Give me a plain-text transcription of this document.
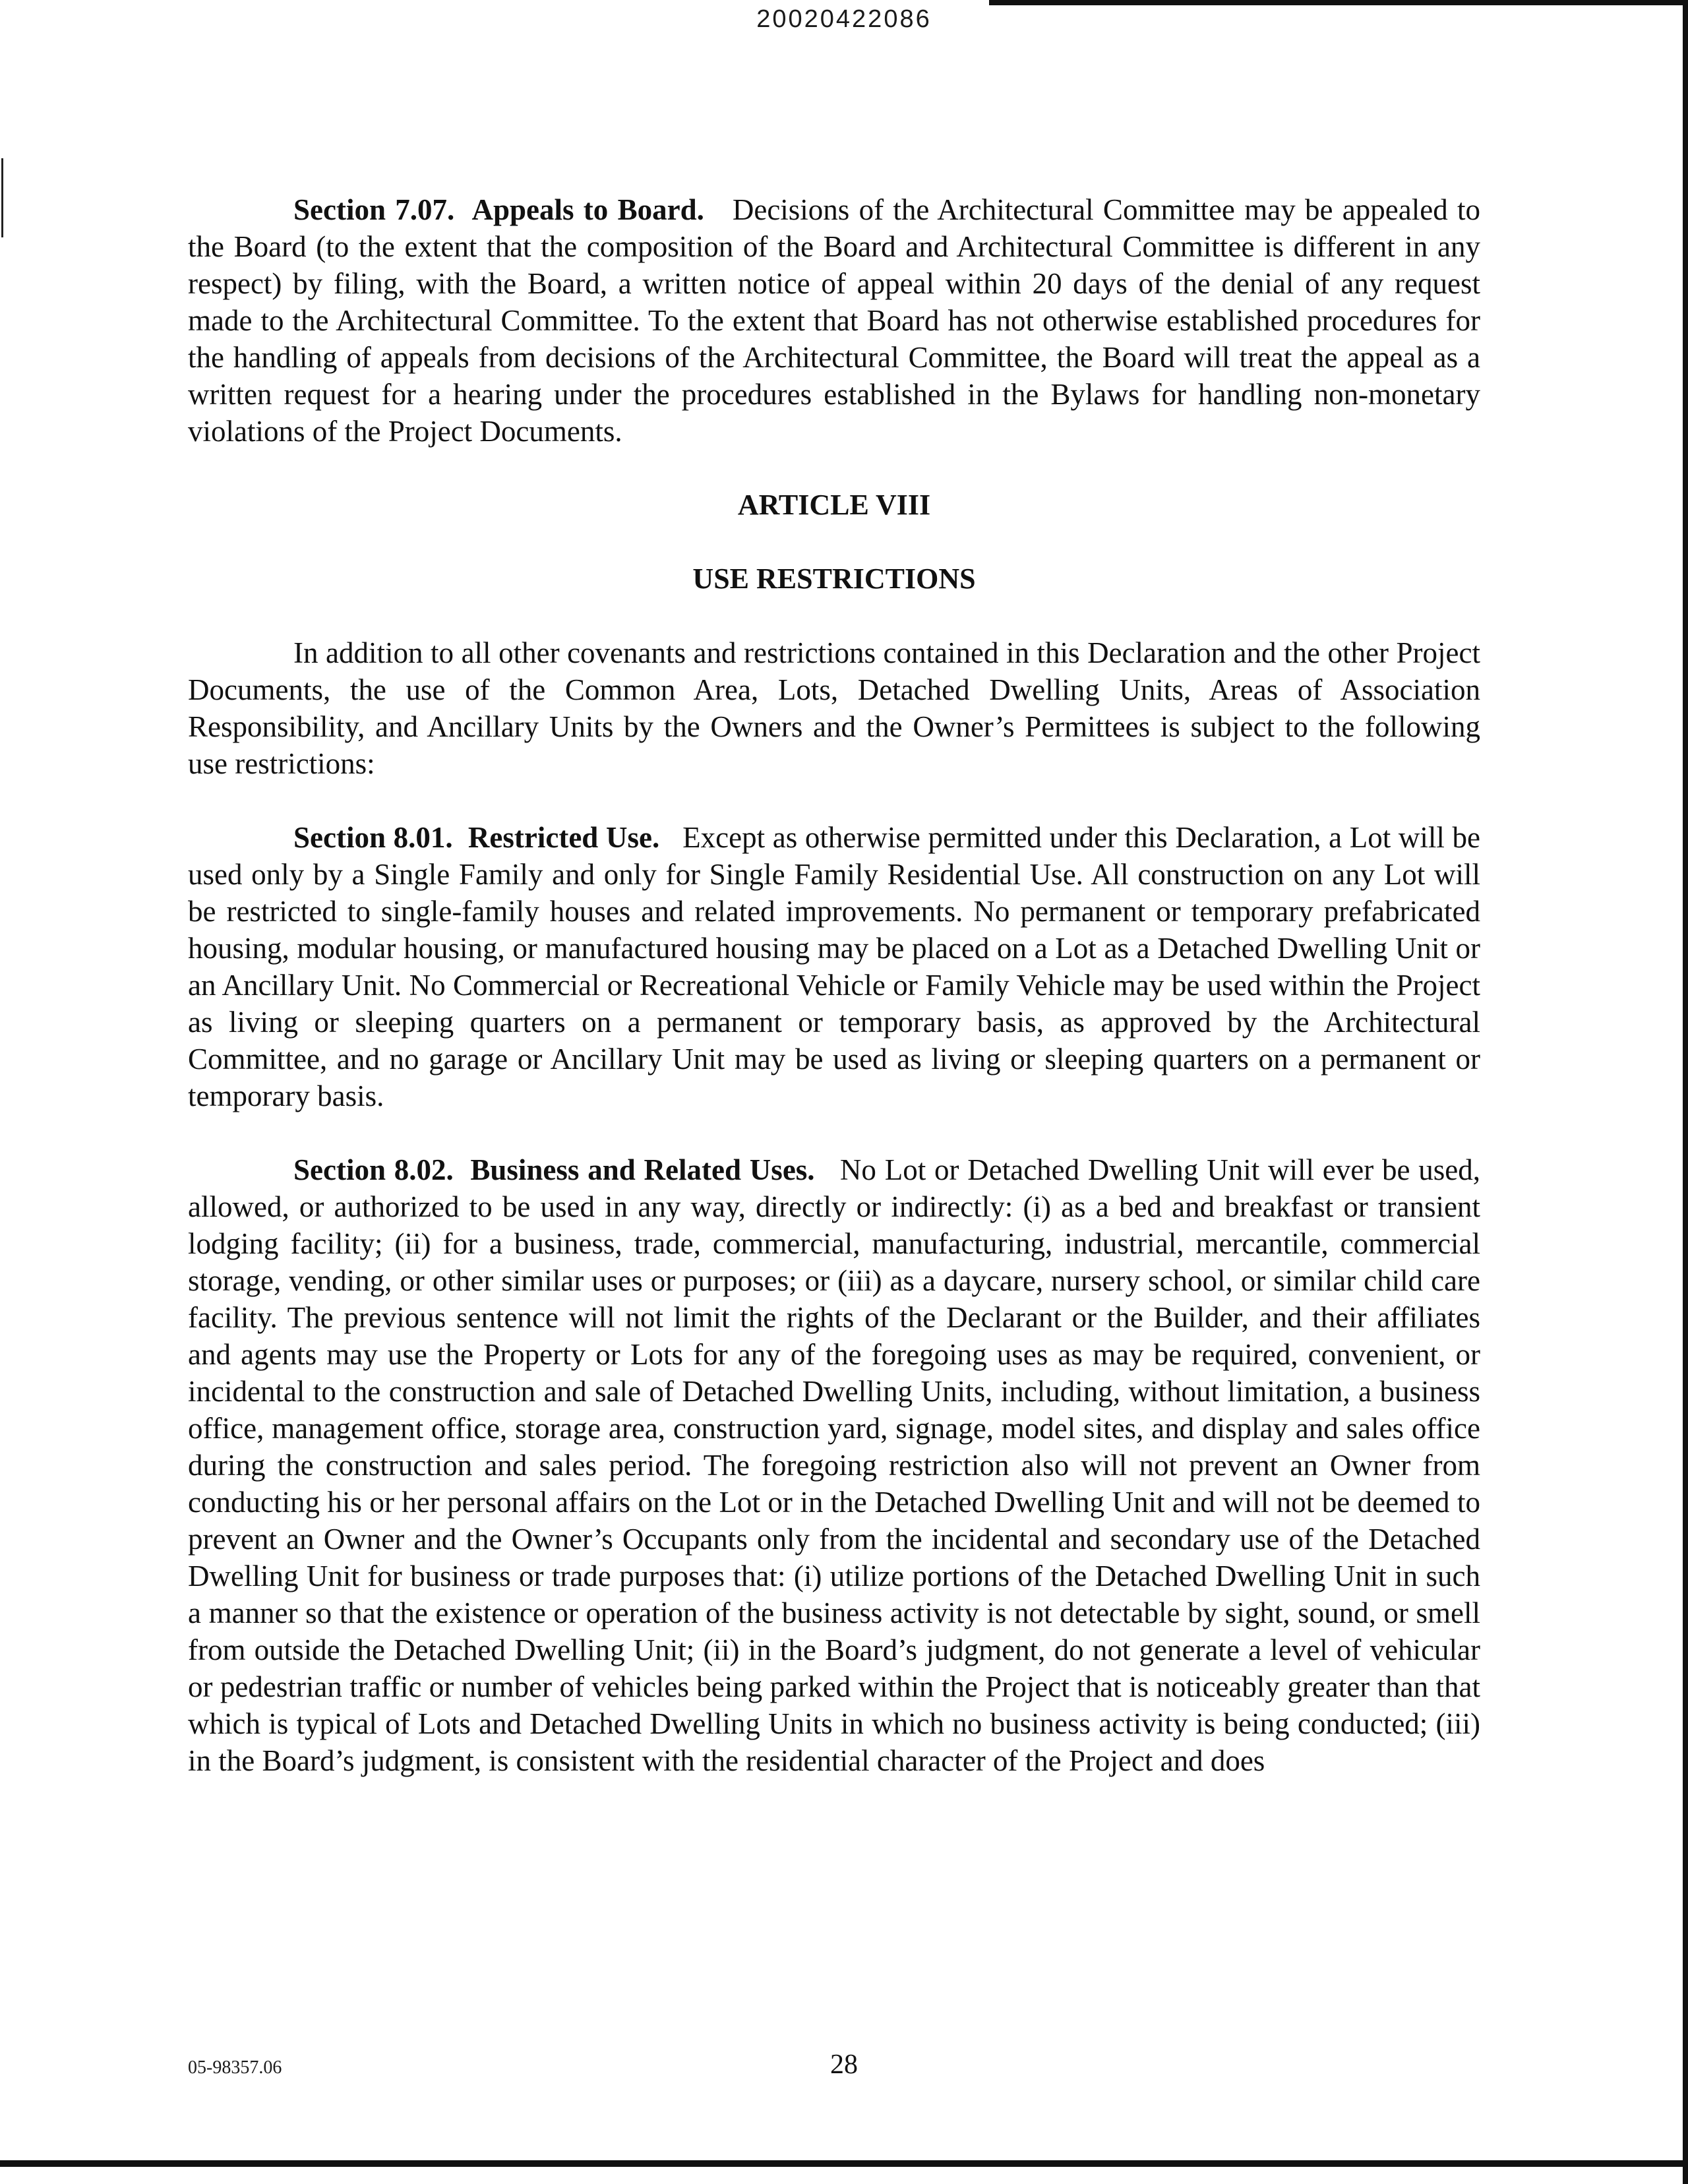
20020422086

Section 7.07.  Appeals to Board.   Decisions of the Architectural Committee may be appealed to the Board (to the extent that the composition of the Board and Architectural Committee is different in any respect) by filing, with the Board, a written notice of appeal within 20 days of the denial of any request made to the Architectural Committee. To the extent that Board has not otherwise established procedures for the handling of appeals from decisions of the Architectural Committee, the Board will treat the appeal as a written request for a hearing under the procedures established in the Bylaws for handling non-monetary violations of the Project Documents.

ARTICLE VIII

USE RESTRICTIONS

In addition to all other covenants and restrictions contained in this Declaration and the other Project Documents, the use of the Common Area, Lots, Detached Dwelling Units, Areas of Association Responsibility, and Ancillary Units by the Owners and the Owner’s Permittees is subject to the following use restrictions:

Section 8.01.  Restricted Use.   Except as otherwise permitted under this Declaration, a Lot will be used only by a Single Family and only for Single Family Residential Use. All construction on any Lot will be restricted to single-family houses and related improvements. No permanent or temporary prefabricated housing, modular housing, or manufactured housing may be placed on a Lot as a Detached Dwelling Unit or an Ancillary Unit. No Commercial or Recreational Vehicle or Family Vehicle may be used within the Project as living or sleeping quarters on a permanent or temporary basis, as approved by the Architectural Committee, and no garage or Ancillary Unit may be used as living or sleeping quarters on a permanent or temporary basis.

Section 8.02.  Business and Related Uses.   No Lot or Detached Dwelling Unit will ever be used, allowed, or authorized to be used in any way, directly or indirectly: (i) as a bed and breakfast or transient lodging facility; (ii) for a business, trade, commercial, manufacturing, industrial, mercantile, commercial storage, vending, or other similar uses or purposes; or (iii) as a daycare, nursery school, or similar child care facility. The previous sentence will not limit the rights of the Declarant or the Builder, and their affiliates and agents may use the Property or Lots for any of the foregoing uses as may be required, convenient, or incidental to the construction and sale of Detached Dwelling Units, including, without limitation, a business office, management office, storage area, construction yard, signage, model sites, and display and sales office during the construction and sales period. The foregoing restriction also will not prevent an Owner from conducting his or her personal affairs on the Lot or in the Detached Dwelling Unit and will not be deemed to prevent an Owner and the Owner’s Occupants only from the incidental and secondary use of the Detached Dwelling Unit for business or trade purposes that: (i) utilize portions of the Detached Dwelling Unit in such a manner so that the existence or operation of the business activity is not detectable by sight, sound, or smell from outside the Detached Dwelling Unit; (ii) in the Board’s judgment, do not generate a level of vehicular or pedestrian traffic or number of vehicles being parked within the Project that is noticeably greater than that which is typical of Lots and Detached Dwelling Units in which no business activity is being conducted; (iii) in the Board’s judgment, is consistent with the residential character of the Project and does

05-98357.06	28
